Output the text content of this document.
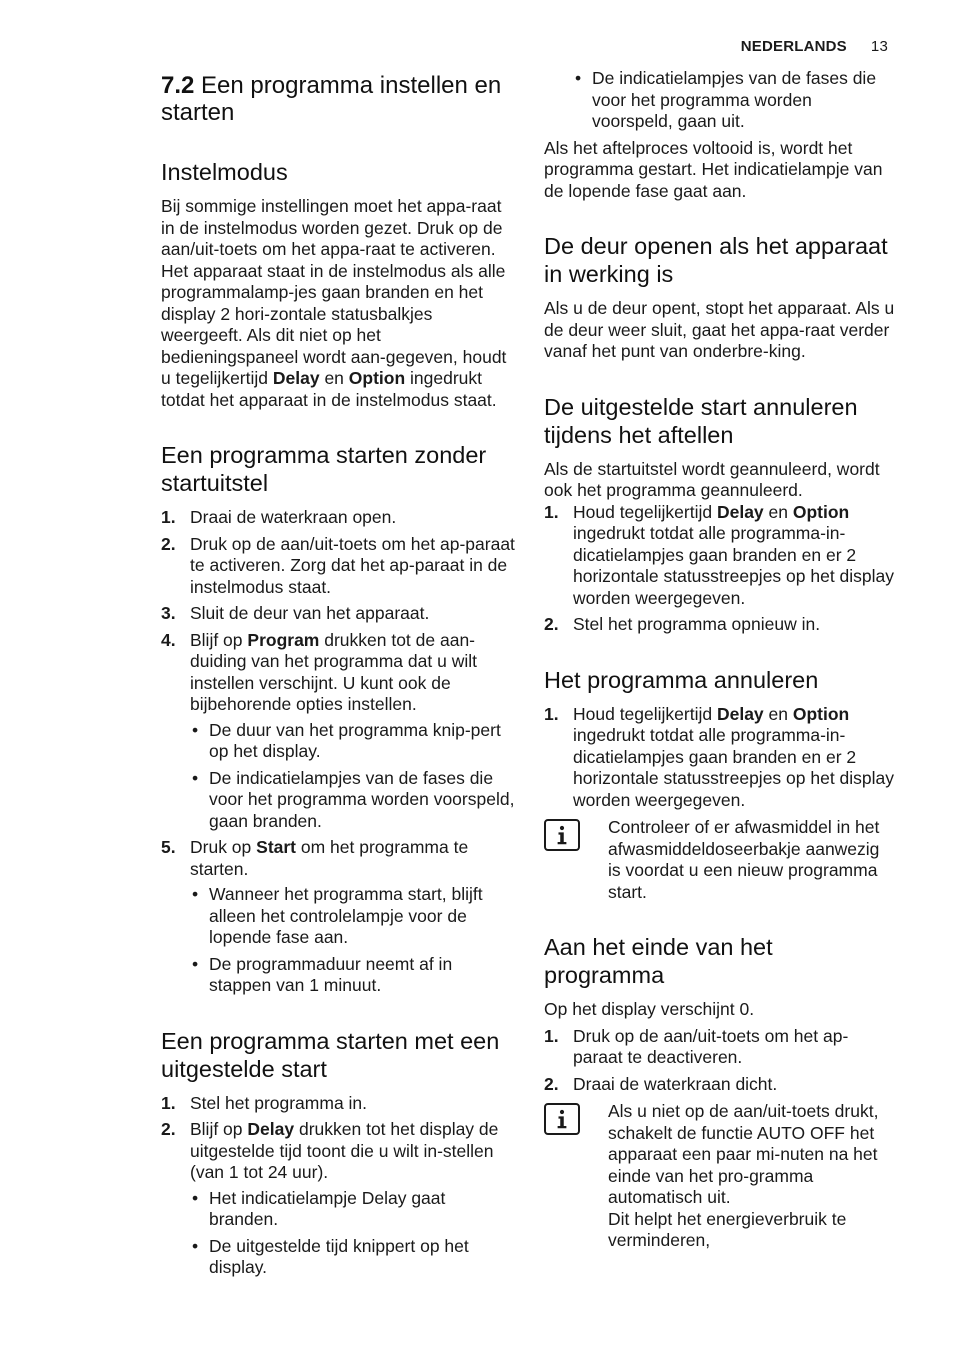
NEDERLANDS 13
7.2 Een programma instellen en starten
Instelmodus

Bij sommige instellingen moet het appa-raat in de instelmodus worden gezet. Druk op de aan/uit-toets om het appa-raat te activeren. Het apparaat staat in de instelmodus als alle programmalamp-jes gaan branden en het display 2 hori-zontale statusbalkjes weergeeft. Als dit niet op het bedieningspaneel wordt aan-gegeven, houdt u tegelijkertijd Delay en Option ingedrukt totdat het apparaat in de instelmodus staat.

Een programma starten zonder startuitstel
1. Draai de waterkraan open.
2. Druk op de aan/uit-toets om het ap-paraat te activeren. Zorg dat het ap-paraat in de instelmodus staat.
3. Sluit de deur van het apparaat.
4. Blijf op Program drukken tot de aan-duiding van het programma dat u wilt instellen verschijnt. U kunt ook de bijbehorende opties instellen.
• De duur van het programma knip-pert op het display.
• De indicatielampjes van de fases die voor het programma worden voorspeld, gaan branden.
5. Druk op Start om het programma te starten.
• Wanneer het programma start, blijft alleen het controlelampje voor de lopende fase aan.
• De programmaduur neemt af in stappen van 1 minuut.
Een programma starten met een uitgestelde start
1. Stel het programma in.
2. Blijf op Delay drukken tot het display de uitgestelde tijd toont die u wilt in-stellen (van 1 tot 24 uur).
• Het indicatielampje Delay gaat branden.
• De uitgestelde tijd knippert op het display.
• De indicatielampjes van de fases die voor het programma worden voorspeld, gaan uit.

Als het aftelproces voltooid is, wordt het programma gestart. Het indicatielampje van de lopende fase gaat aan.

De deur openen als het apparaat in werking is

Als u de deur opent, stopt het apparaat. Als u de deur weer sluit, gaat het appa-raat verder vanaf het punt van onderbre-king.

De uitgestelde start annuleren tijdens het aftellen

Als de startuitstel wordt geannuleerd, wordt ook het programma geannuleerd.

1. Houd tegelijkertijd Delay en Option ingedrukt totdat alle programma-in-dicatielampjes gaan branden en er 2 horizontale statusstreepjes op het display worden weergegeven.
2. Stel het programma opnieuw in.
Het programma annuleren
1. Houd tegelijkertijd Delay en Option ingedrukt totdat alle programma-in-dicatielampjes gaan branden en er 2 horizontale statusstreepjes op het display worden weergegeven.

Controleer of er afwasmiddel in het afwasmiddeldoseerbakje aanwezig is voordat u een nieuw programma start.

Aan het einde van het programma

Op het display verschijnt 0.

1. Druk op de aan/uit-toets om het ap-paraat te deactiveren.
2. Draai de waterkraan dicht.

Als u niet op de aan/uit-toets drukt, schakelt de functie AUTO OFF het apparaat een paar mi-nuten na het einde van het pro-gramma automatisch uit.

Dit helpt het energieverbruik te verminderen,
